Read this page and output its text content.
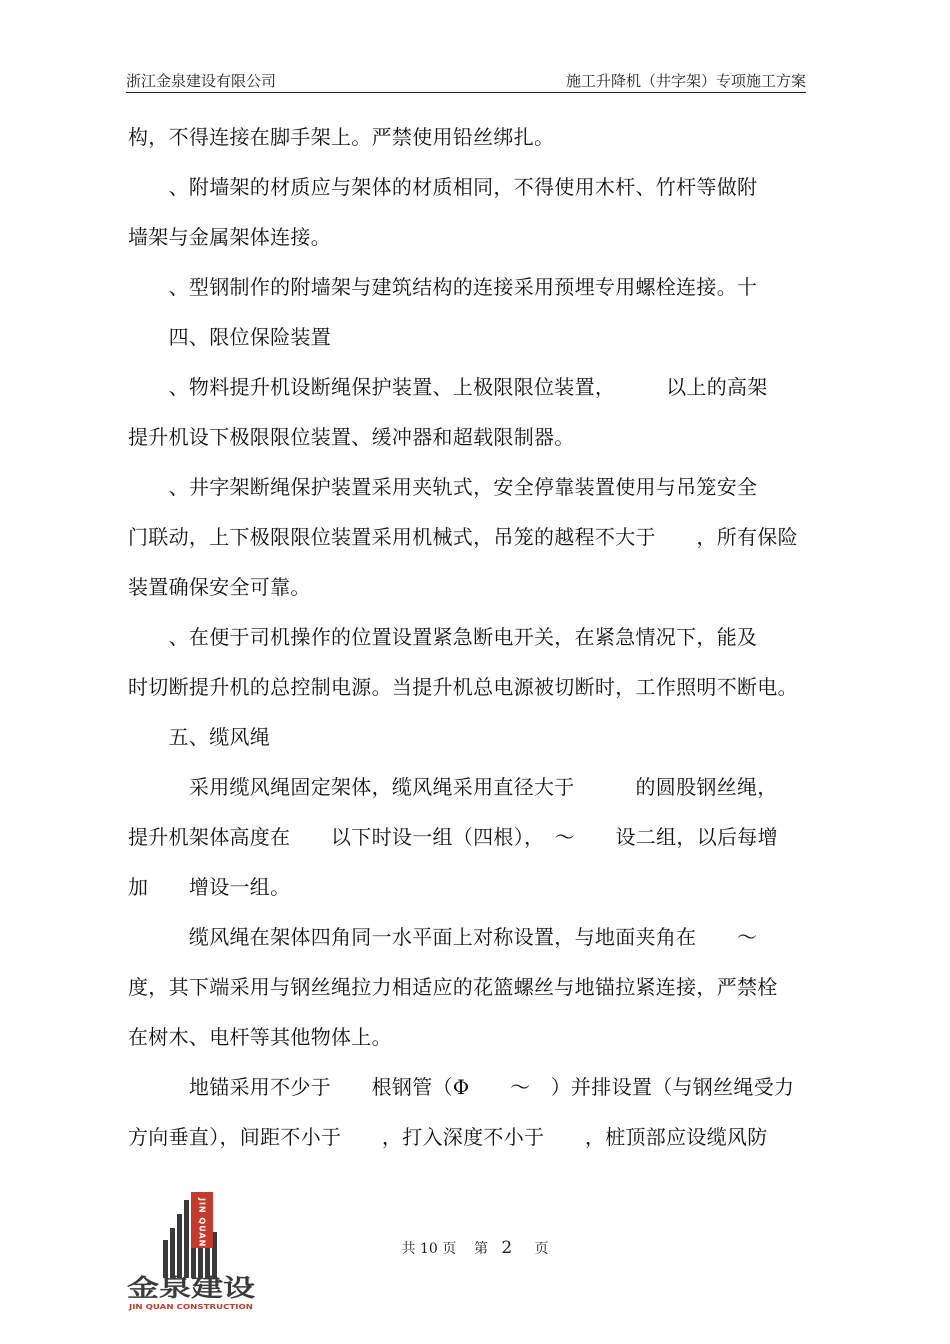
浙江金泉建设有限公司	施工升降机（井字架）专项施工方案
构，不得连接在脚手架上。严禁使用铅丝绑扎。
　　、附墙架的材质应与架体的材质相同，不得使用木杆、竹杆等做附
墙架与金属架体连接。
　　、型钢制作的附墙架与建筑结构的连接采用预埋专用螺栓连接。十
　　四、限位保险装置
　　、物料提升机设断绳保护装置、上极限限位装置，　　　以上的高架
提升机设下极限限位装置、缓冲器和超载限制器。
　　、井字架断绳保护装置采用夹轨式，安全停靠装置使用与吊笼安全
门联动，上下极限限位装置采用机械式，吊笼的越程不大于　　，所有保险
装置确保安全可靠。
　　、在便于司机操作的位置设置紧急断电开关，在紧急情况下，能及
时切断提升机的总控制电源。当提升机总电源被切断时，工作照明不断电。
　　五、缆风绳
　　　采用缆风绳固定架体，缆风绳采用直径大于　　　的圆股钢丝绳，
提升机架体高度在　　以下时设一组（四根），　～　　设二组，以后每增
加　　增设一组。
　　　缆风绳在架体四角同一水平面上对称设置，与地面夹角在　　～
度，其下端采用与钢丝绳拉力相适应的花篮螺丝与地锚拉紧连接，严禁栓
在树木、电杆等其他物体上。
　　　地锚采用不少于　　根钢管（Φ　　～　）并排设置（与钢丝绳受力
方向垂直），间距不小于　　，打入深度不小于　　，桩顶部应设缆风防
共 10 页 第 2 页
JIN QUAN
金泉建设
JIN QUAN CONSTRUCTION
